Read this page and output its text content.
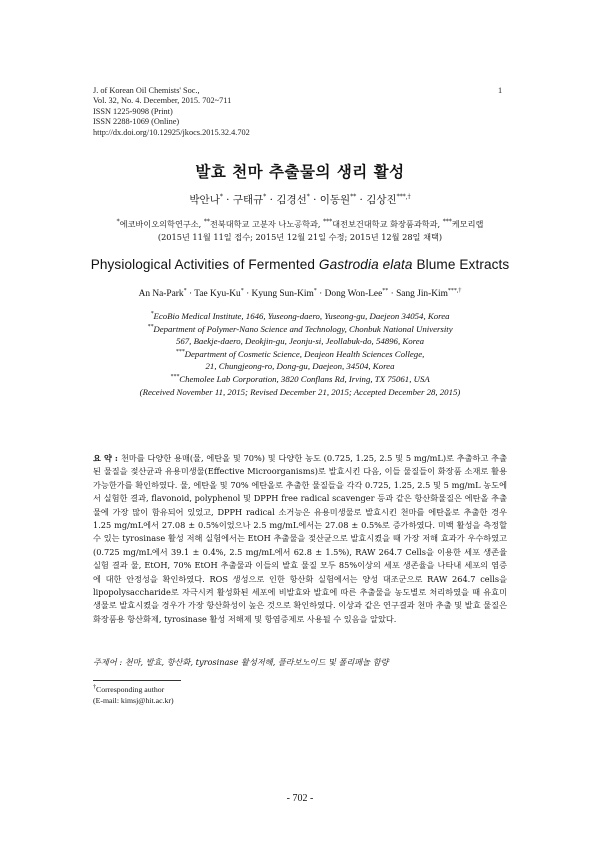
J. of Korean Oil Chemists' Soc.,
Vol. 32, No. 4. December, 2015. 702~711
ISSN 1225-9098 (Print)
ISSN 2288-1069 (Online)
http://dx.doi.org/10.12925/jkocs.2015.32.4.702
1
발효 천마 추출물의 생리 활성
박안나* · 구태규* · 김경선* · 이동원** · 김상진***,†
*에코바이오의학연구소, **전북대학교 고분자 나노공학과, ***대전보건대학교 화장품과학과, ***케모리랩
(2015년 11월 11일 접수; 2015년 12월 21일 수정; 2015년 12월 28일 채택)
Physiological Activities of Fermented Gastrodia elata Blume Extracts
An Na-Park* · Tae Kyu-Ku* · Kyung Sun-Kim* · Dong Won-Lee** · Sang Jin-Kim***,†
*EcoBio Medical Institute, 1646, Yuseong-daero, Yuseong-gu, Daejeon 34054, Korea
**Department of Polymer-Nano Science and Technology, Chonbuk National University
567, Baekje-daero, Deokjin-gu, Jeonju-si, Jeollabuk-do, 54896, Korea
***Department of Cosmetic Science, Deajeon Health Sciences College,
21, Chungjeong-ro, Dong-gu, Daejeon, 34504, Korea
***Chemolee Lab Corporation, 3820 Conflans Rd, Irving, TX 75061, USA
(Received November 11, 2015; Revised December 21, 2015; Accepted December 28, 2015)
요 약 : 천마를 다양한 용매(물, 에탄올 및 70%) 및 다양한 농도 (0.725, 1.25, 2.5 및 5 mg/mL)로 추출하고 추출된 물질을 젖산균과 유용미생물(Effective Microorganisms)로 발효시킨 다음, 이들 물질들이 화장품 소재로 활용 가능한가를 확인하였다. 물, 에탄올 및 70% 에탄올로 추출한 물질들을 각각 0.725, 1.25, 2.5 및 5 mg/mL 농도에서 실험한 결과, flavonoid, polyphenol 및 DPPH free radical scavenger 등과 같은 항산화물질은 에탄올 추출물에 가장 많이 함유되어 있었고, DPPH radical 소거능은 유용미생물로 발효시킨 천마를 에탄올로 추출한 경우 1.25 mg/mL에서 27.08 ± 0.5%이었으나 2.5 mg/mL에서는 27.08 ± 0.5%로 증가하였다. 미백 활성을 측정할 수 있는 tyrosinase 활성 저해 실험에서는 EtOH 추출물을 젖산균으로 발효시켰을 때 가장 저해 효과가 우수하였고(0.725 mg/mL에서 39.1 ± 0.4%, 2.5 mg/mL에서 62.8 ± 1.5%), RAW 264.7 Cells을 이용한 세포 생존율 실험 결과 물, EtOH, 70% EtOH 추출물과 이들의 발효 물질 모두 85%이상의 세포 생존율을 나타내 세포의 염증에 대한 안정성을 확인하였다. ROS 생성으로 인한 항산화 실험에서는 양성 대조군으로 RAW 264.7 cells을 lipopolysaccharide로 자극시켜 활성화된 세포에 비발효와 발효에 따른 추출물을 농도별로 처리하였을 때 유효미생물로 발효시켰을 경우가 가장 항산화성이 높은 것으로 확인하였다. 이상과 같은 연구결과 천마 추출 및 발효 물질은 화장품용 항산화제, tyrosinase 활성 저해제 및 항염증제로 사용될 수 있음을 알았다.
주제어 : 천마, 발효, 항산화, tyrosinase 활성저해, 플라보노이드 및 폴리페놀 함량
†Corresponding author
(E-mail: kimsj@hit.ac.kr)
- 702 -
